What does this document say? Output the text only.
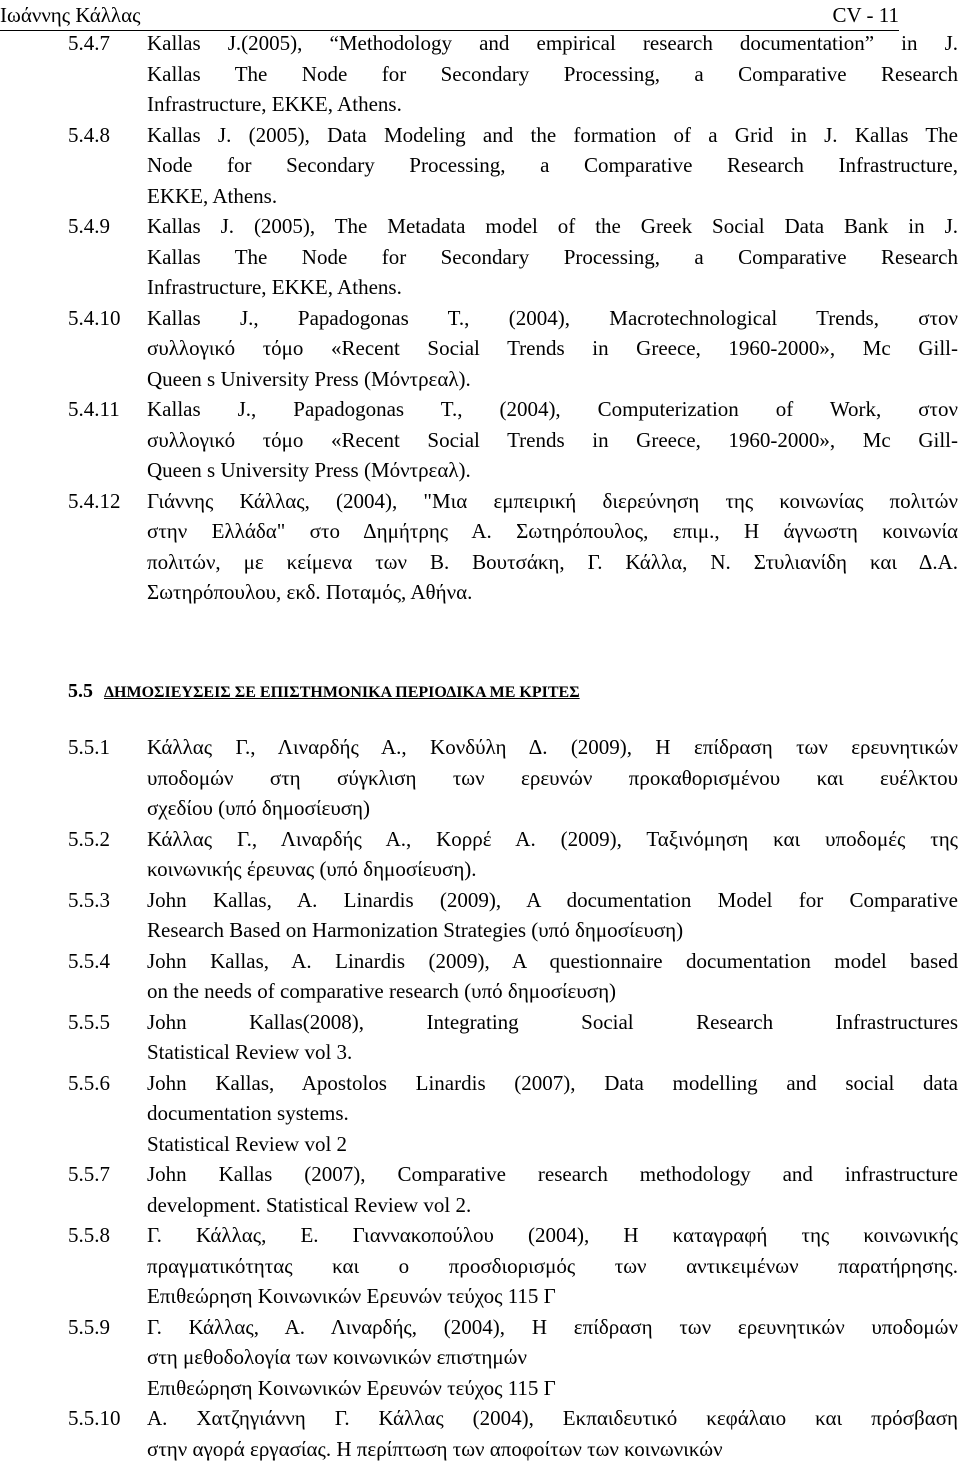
Ιωάννης Κάλλας	CV - 11
5.4.7 Kallas J.(2005), “Methodology and empirical research documentation” in J.
Kallas The Node for Secondary Processing, a Comparative Research
Infrastructure, EKKE, Athens.
5.4.8 Kallas J. (2005), Data Modeling and the formation of a Grid in J. Kallas The
Node for Secondary Processing, a Comparative Research Infrastructure,
EKKE, Athens.
5.4.9 Kallas J. (2005), The Metadata model of the Greek Social Data Bank in J.
Kallas The Node for Secondary Processing, a Comparative Research
Infrastructure, EKKE, Athens.
5.4.10 Kallas J., Papadogonas T., (2004), Macrotechnological Trends, στον
συλλογικό τόμο «Recent Social Trends in Greece, 1960-2000», Mc Gill-
Queen s University Press (Μόντρεαλ).
5.4.11 Kallas J., Papadogonas T., (2004), Computerization of Work, στον
συλλογικό τόμο «Recent Social Trends in Greece, 1960-2000», Mc Gill-
Queen s University Press (Μόντρεαλ).
5.4.12 Γιάννης Κάλλας, (2004), "Μια εμπειρική διερεύνηση της κοινωνίας πολιτών
στην Ελλάδα" στο Δημήτρης Α. Σωτηρόπουλος, επιμ., Η άγνωστη κοινωνία
πολιτών, με κείμενα των Β. Βουτσάκη, Γ. Κάλλα, Ν. Στυλιανίδη και Δ.Α.
Σωτηρόπουλου, εκδ. Ποταμός, Αθήνα.
5.5 ΔΗΜΟΣΙΕΥΣΕΙΣ ΣΕ ΕΠΙΣΤΗΜΟΝΙΚΑ ΠΕΡΙΟΔΙΚΑ ΜΕ ΚΡΙΤΕΣ
5.5.1 Κάλλας Γ., Λιναρδής Α., Κονδύλη Δ. (2009), Η επίδραση των ερευνητικών
υποδομών στη σύγκλιση των ερευνών προκαθορισμένου και ευέλκτου
σχεδίου (υπό δημοσίευση)
5.5.2 Κάλλας Γ., Λιναρδής Α., Κορρέ Α. (2009), Ταξινόμηση και υποδομές της
κοινωνικής έρευνας (υπό δημοσίευση).
5.5.3 John Kallas, A. Linardis (2009), A documentation Model for Comparative
Research Based on Harmonization Strategies (υπό δημοσίευση)
5.5.4 John Kallas, A. Linardis (2009), A questionnaire documentation model based
on the needs of comparative research (υπό δημοσίευση)
5.5.5 John Kallas(2008), Integrating Social Research Infrastructures
Statistical Review vol 3.
5.5.6 John Kallas, Apostolos Linardis (2007), Data modelling and social data
documentation systems.
Statistical Review vol 2
5.5.7 John Kallas (2007), Comparative research methodology and infrastructure
development. Statistical Review vol 2.
5.5.8 Γ. Κάλλας, Ε. Γιαννακοπούλου (2004), Η καταγραφή της κοινωνικής
πραγματικότητας και ο προσδιορισμός των αντικειμένων παρατήρησης.
Επιθεώρηση Κοινωνικών Ερευνών τεύχος 115 Γ
5.5.9 Γ. Κάλλας, Α. Λιναρδής, (2004), Η επίδραση των ερευνητικών υποδομών
στη μεθοδολογία των κοινωνικών επιστημών
Επιθεώρηση Κοινωνικών Ερευνών τεύχος 115 Γ
5.5.10 Α. Χατζηγιάννη Γ. Κάλλας (2004), Εκπαιδευτικό κεφάλαιο και πρόσβαση
στην αγορά εργασίας. Η περίπτωση των αποφοίτων των κοινωνικών
